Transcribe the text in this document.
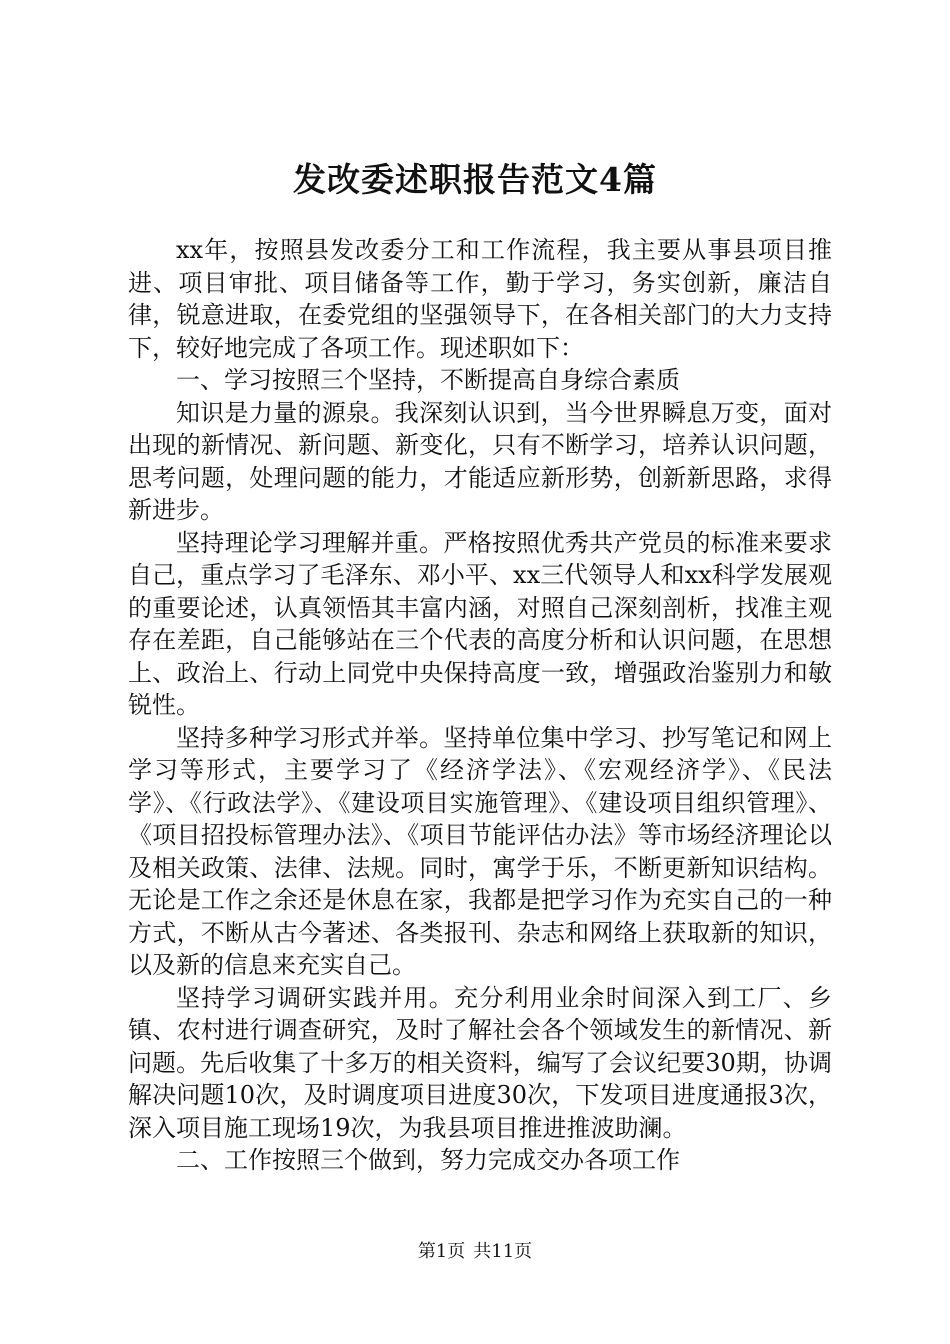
发改委述职报告范文4篇

xx年，按照县发改委分工和工作流程，我主要从事县项目推进、项目审批、项目储备等工作，勤于学习，务实创新，廉洁自律，锐意进取，在委党组的坚强领导下，在各相关部门的大力支持下，较好地完成了各项工作。现述职如下：

一、学习按照三个坚持，不断提高自身综合素质

知识是力量的源泉。我深刻认识到，当今世界瞬息万变，面对出现的新情况、新问题、新变化，只有不断学习，培养认识问题，思考问题，处理问题的能力，才能适应新形势，创新新思路，求得新进步。

坚持理论学习理解并重。严格按照优秀共产党员的标准来要求自己，重点学习了毛泽东、邓小平、xx三代领导人和xx科学发展观的重要论述，认真领悟其丰富内涵，对照自己深刻剖析，找准主观存在差距，自己能够站在三个代表的高度分析和认识问题，在思想上、政治上、行动上同党中央保持高度一致，增强政治鉴别力和敏锐性。

坚持多种学习形式并举。坚持单位集中学习、抄写笔记和网上学习等形式，主要学习了《经济学法》、《宏观经济学》、《民法学》、《行政法学》、《建设项目实施管理》、《建设项目组织管理》、《项目招投标管理办法》、《项目节能评估办法》等市场经济理论以及相关政策、法律、法规。同时，寓学于乐，不断更新知识结构。无论是工作之余还是休息在家，我都是把学习作为充实自己的一种方式，不断从古今著述、各类报刊、杂志和网络上获取新的知识，以及新的信息来充实自己。

坚持学习调研实践并用。充分利用业余时间深入到工厂、乡镇、农村进行调查研究，及时了解社会各个领域发生的新情况、新问题。先后收集了十多万的相关资料，编写了会议纪要30期，协调解决问题10次，及时调度项目进度30次，下发项目进度通报3次，深入项目施工现场19次，为我县项目推进推波助澜。

二、工作按照三个做到，努力完成交办各项工作

第1页 共11页
